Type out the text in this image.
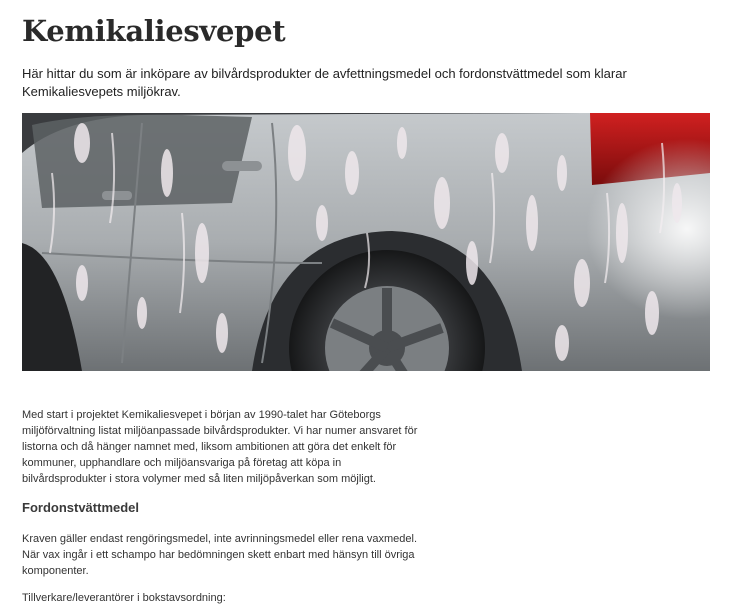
Kemikaliesvepet

Här hittar du som är inköpare av bilvårdsprodukter de avfettningsmedel och fordonstvättmedel som klarar Kemikaliesvepets miljökrav.

Med start i projektet Kemikaliesvepet i början av 1990-talet har Göteborgs miljöförvaltning listat miljöanpassade bilvårdsprodukter. Vi har numer ansvaret för listorna och då hänger namnet med, liksom ambitionen att göra det enkelt för kommuner, upphandlare och miljöansvariga på företag att köpa in bilvårdsprodukter i stora volymer med så liten miljöpåverkan som möjligt.

Fordonstvättmedel

Kraven gäller endast rengöringsmedel, inte avrinningsmedel eller rena vaxmedel. När vax ingår i ett schampo har bedömningen skett enbart med hänsyn till övriga komponenter.

Tillverkare/leverantörer i bokstavsordning:
